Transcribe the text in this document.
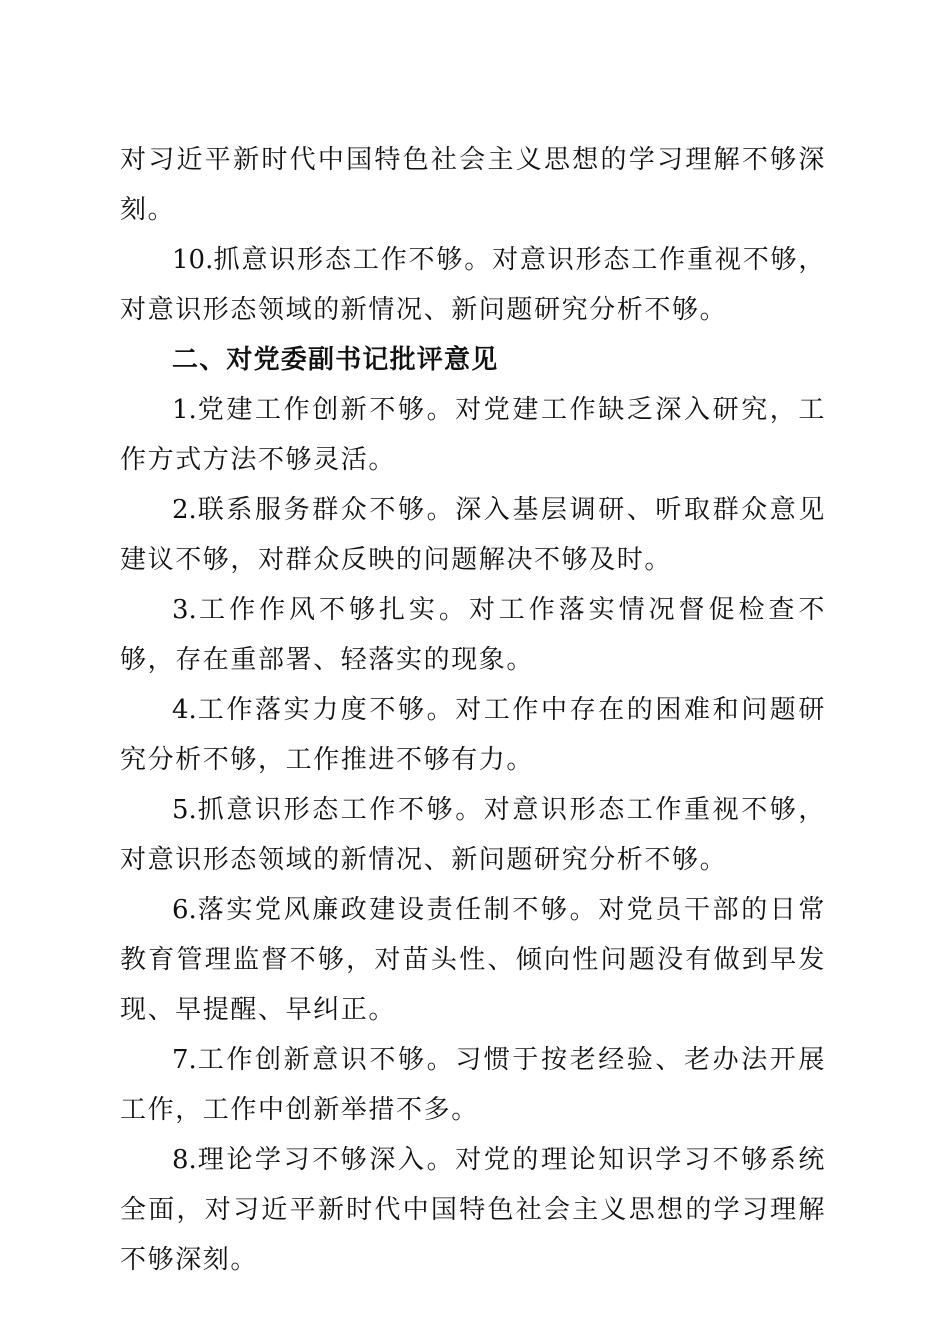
对习近平新时代中国特色社会主义思想的学习理解不够深刻。

10.抓意识形态工作不够。对意识形态工作重视不够，对意识形态领域的新情况、新问题研究分析不够。

二、对党委副书记批评意见

1.党建工作创新不够。对党建工作缺乏深入研究，工作方式方法不够灵活。

2.联系服务群众不够。深入基层调研、听取群众意见建议不够，对群众反映的问题解决不够及时。

3.工作作风不够扎实。对工作落实情况督促检查不够，存在重部署、轻落实的现象。

4.工作落实力度不够。对工作中存在的困难和问题研究分析不够，工作推进不够有力。

5.抓意识形态工作不够。对意识形态工作重视不够，对意识形态领域的新情况、新问题研究分析不够。

6.落实党风廉政建设责任制不够。对党员干部的日常教育管理监督不够，对苗头性、倾向性问题没有做到早发现、早提醒、早纠正。

7.工作创新意识不够。习惯于按老经验、老办法开展工作，工作中创新举措不多。

8.理论学习不够深入。对党的理论知识学习不够系统全面，对习近平新时代中国特色社会主义思想的学习理解不够深刻。
